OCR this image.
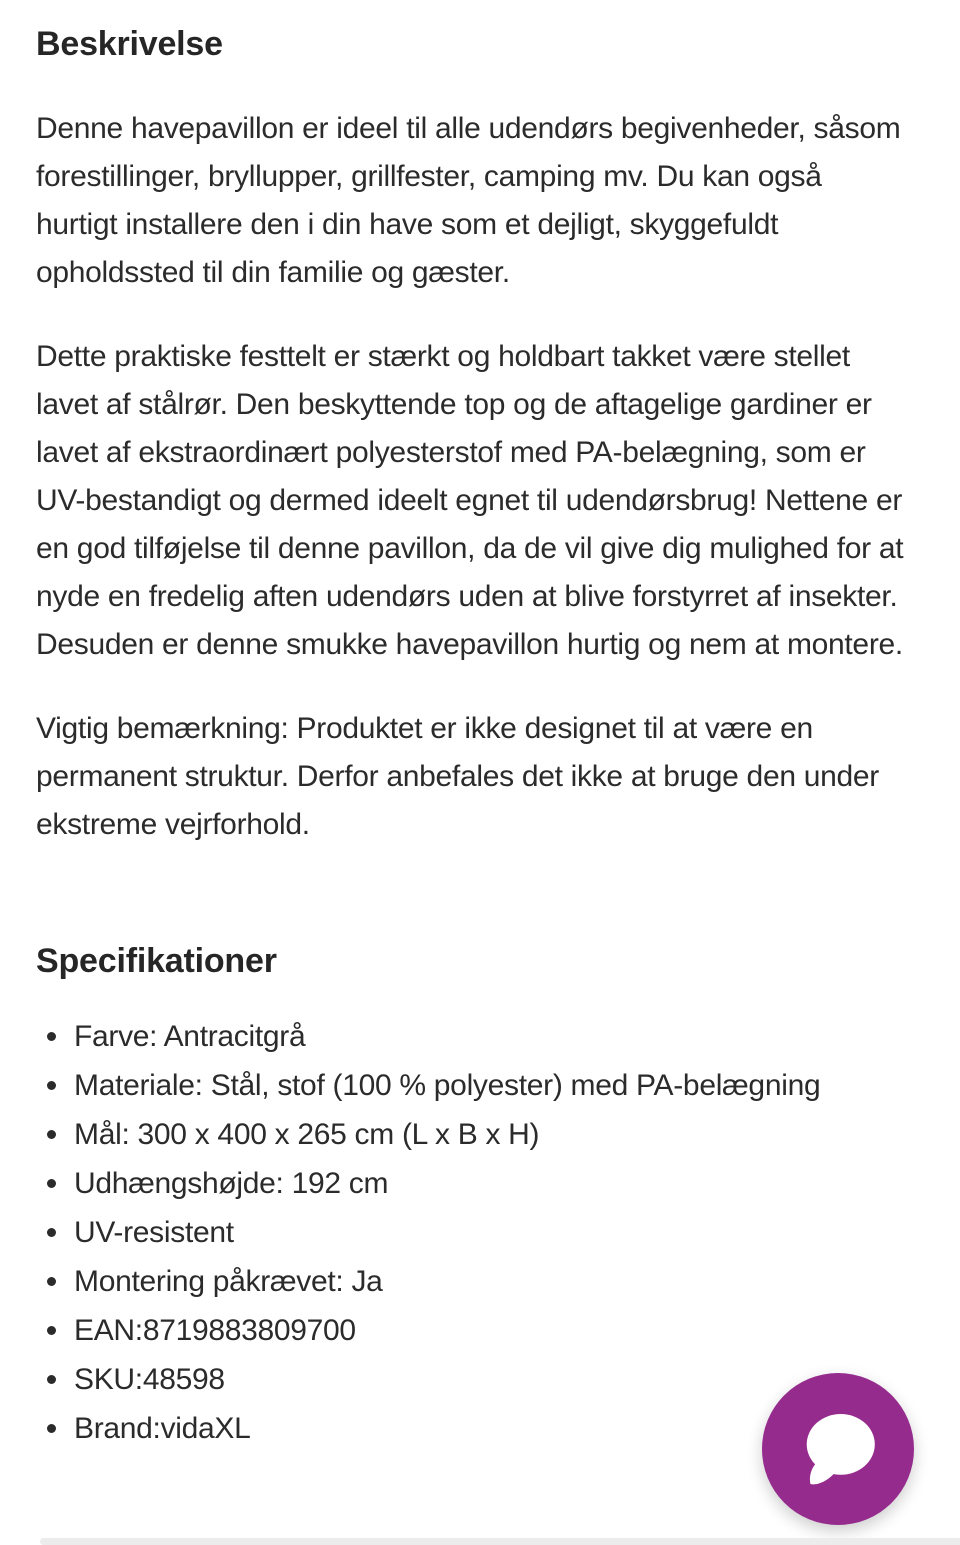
Beskrivelse

Denne havepavillon er ideel til alle udendørs begivenheder, såsom forestillinger, bryllupper, grillfester, camping mv. Du kan også hurtigt installere den i din have som et dejligt, skyggefuldt opholdssted til din familie og gæster.

Dette praktiske festtelt er stærkt og holdbart takket være stellet lavet af stålrør. Den beskyttende top og de aftagelige gardiner er lavet af ekstraordinært polyesterstof med PA-belægning, som er UV-bestandigt og dermed ideelt egnet til udendørsbrug! Nettene er en god tilføjelse til denne pavillon, da de vil give dig mulighed for at nyde en fredelig aften udendørs uden at blive forstyrret af insekter. Desuden er denne smukke havepavillon hurtig og nem at montere.

Vigtig bemærkning: Produktet er ikke designet til at være en permanent struktur. Derfor anbefales det ikke at bruge den under ekstreme vejrforhold.

Specifikationer
Farve: Antracitgrå
Materiale: Stål, stof (100 % polyester) med PA-belægning
Mål: 300 x 400 x 265 cm (L x B x H)
Udhængshøjde: 192 cm
UV-resistent
Montering påkrævet: Ja
EAN:8719883809700
SKU:48598
Brand:vidaXL
